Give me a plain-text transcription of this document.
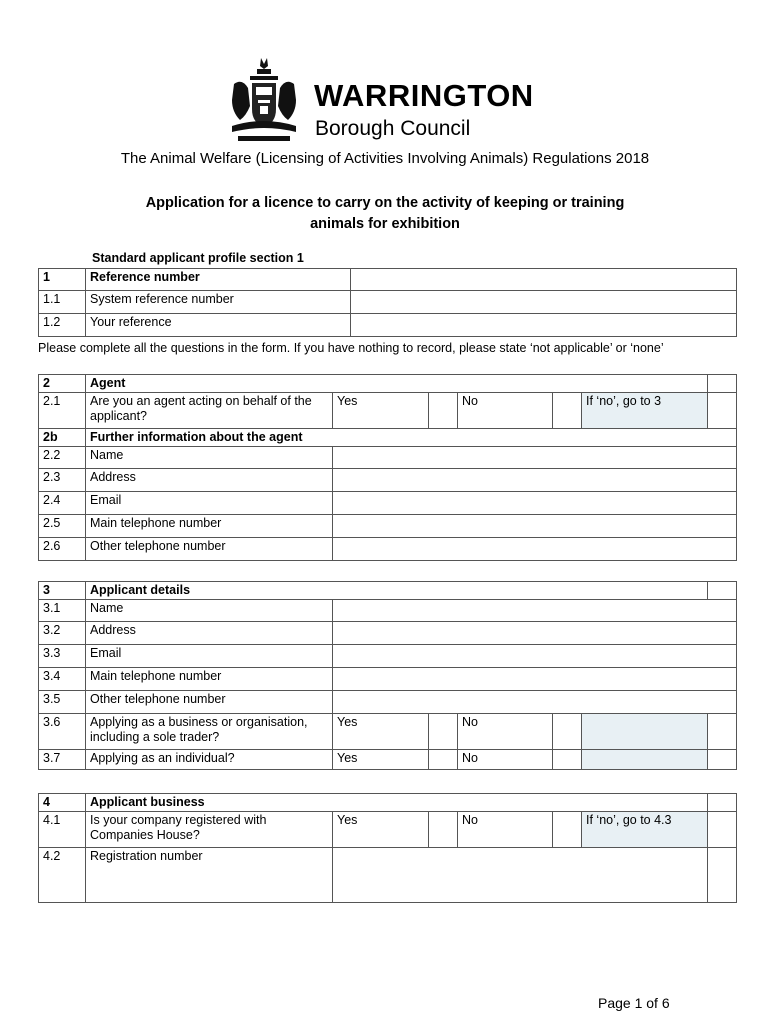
WARRINGTON
Borough Council
The Animal Welfare (Licensing of Activities Involving Animals) Regulations 2018
Application for a licence to carry on the activity of keeping or training
animals for exhibition
Standard applicant profile section 1
1	Reference number	
1.1	System reference number	
1.2	Your reference	
Please complete all the questions in the form. If you have nothing to record, please state ‘not applicable’ or ‘none’
2	Agent						
2.1	Are you an agent acting on behalf of the applicant?	Yes		No		If ‘no’, go to 3	
2b	Further information about the agent						
2.2	Name						
2.3	Address						
2.4	Email						
2.5	Main telephone number						
2.6	Other telephone number						
3	Applicant details						
3.1	Name						
3.2	Address						
3.3	Email						
3.4	Main telephone number						
3.5	Other telephone number						
3.6	Applying as a business or organisation, including a sole trader?	Yes		No			
3.7	Applying as an individual?	Yes		No			
4	Applicant business						
4.1	Is your company registered with Companies House?	Yes		No		If ‘no’, go to 4.3	
4.2	Registration number						
Page 1 of 6
